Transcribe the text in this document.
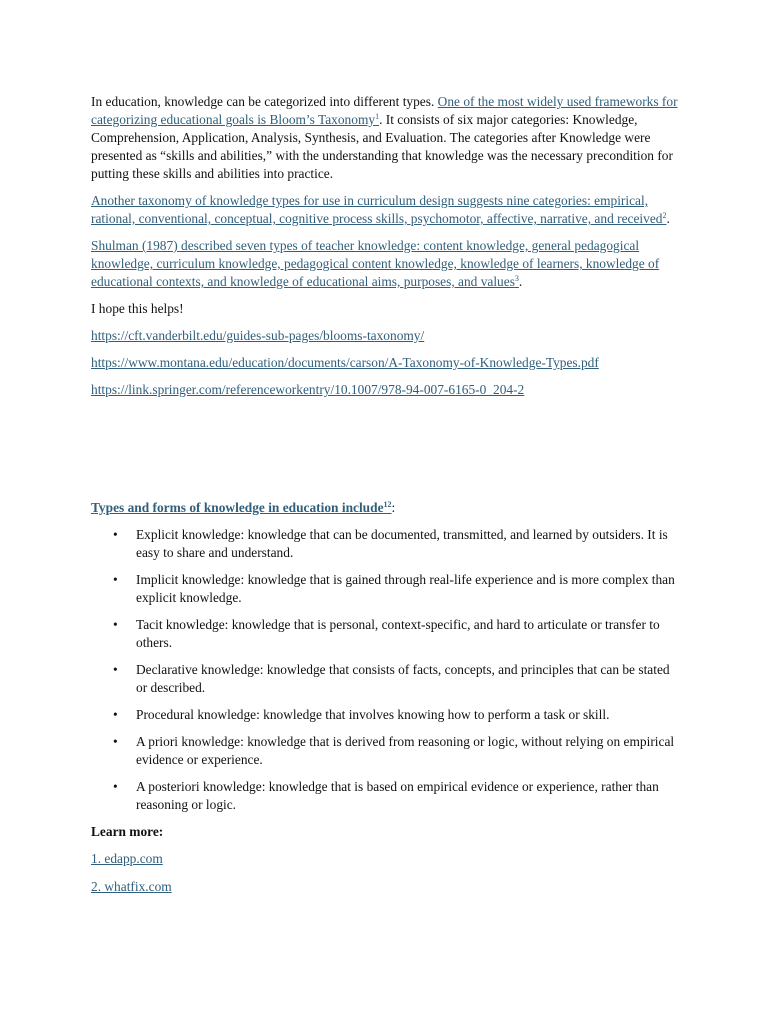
In education, knowledge can be categorized into different types. One of the most widely used frameworks for categorizing educational goals is Bloom’s Taxonomy$^1$. It consists of six major categories: Knowledge, Comprehension, Application, Analysis, Synthesis, and Evaluation. The categories after Knowledge were presented as “skills and abilities,” with the understanding that knowledge was the necessary precondition for putting these skills and abilities into practice.

Another taxonomy of knowledge types for use in curriculum design suggests nine categories: empirical, rational, conventional, conceptual, cognitive process skills, psychomotor, affective, narrative, and received$^2$.

Shulman (1987) described seven types of teacher knowledge: content knowledge, general pedagogical knowledge, curriculum knowledge, pedagogical content knowledge, knowledge of learners, knowledge of educational contexts, and knowledge of educational aims, purposes, and values$^3$.

I hope this helps!

https://cft.vanderbilt.edu/guides-sub-pages/blooms-taxonomy/

https://www.montana.edu/education/documents/carson/A-Taxonomy-of-Knowledge-Types.pdf

https://link.springer.com/referenceworkentry/10.1007/978-94-007-6165-0_204-2

Types and forms of knowledge in education include$^{12}$:

• Explicit knowledge: knowledge that can be documented, transmitted, and learned by outsiders. It is easy to share and understand.
• Implicit knowledge: knowledge that is gained through real-life experience and is more complex than explicit knowledge.
• Tacit knowledge: knowledge that is personal, context-specific, and hard to articulate or transfer to others.
• Declarative knowledge: knowledge that consists of facts, concepts, and principles that can be stated or described.
• Procedural knowledge: knowledge that involves knowing how to perform a task or skill.
• A priori knowledge: knowledge that is derived from reasoning or logic, without relying on empirical evidence or experience.
• A posteriori knowledge: knowledge that is based on empirical evidence or experience, rather than reasoning or logic.

Learn more:

1. edapp.com

2. whatfix.com
